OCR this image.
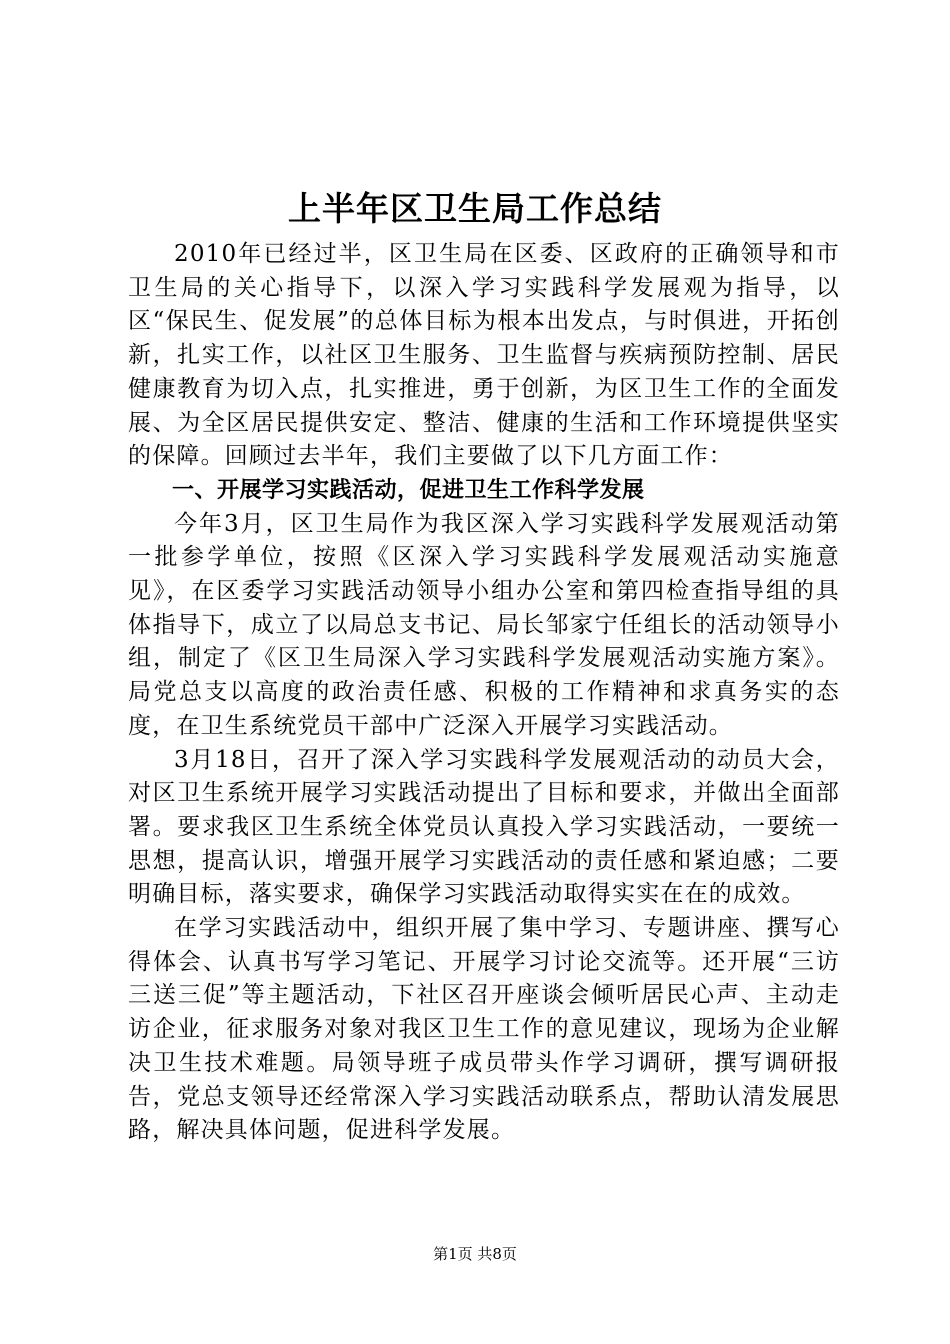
上半年区卫生局工作总结

2010年已经过半，区卫生局在区委、区政府的正确领导和市卫生局的关心指导下，以深入学习实践科学发展观为指导，以区“保民生、促发展”的总体目标为根本出发点，与时俱进，开拓创新，扎实工作，以社区卫生服务、卫生监督与疾病预防控制、居民健康教育为切入点，扎实推进，勇于创新，为区卫生工作的全面发展、为全区居民提供安定、整洁、健康的生活和工作环境提供坚实的保障。回顾过去半年，我们主要做了以下几方面工作：

一、开展学习实践活动，促进卫生工作科学发展

今年3月，区卫生局作为我区深入学习实践科学发展观活动第一批参学单位，按照《区深入学习实践科学发展观活动实施意见》，在区委学习实践活动领导小组办公室和第四检查指导组的具体指导下，成立了以局总支书记、局长邹家宁任组长的活动领导小组，制定了《区卫生局深入学习实践科学发展观活动实施方案》。局党总支以高度的政治责任感、积极的工作精神和求真务实的态度，在卫生系统党员干部中广泛深入开展学习实践活动。

3月18日，召开了深入学习实践科学发展观活动的动员大会，对区卫生系统开展学习实践活动提出了目标和要求，并做出全面部署。要求我区卫生系统全体党员认真投入学习实践活动，一要统一思想，提高认识，增强开展学习实践活动的责任感和紧迫感；二要明确目标，落实要求，确保学习实践活动取得实实在在的成效。

在学习实践活动中，组织开展了集中学习、专题讲座、撰写心得体会、认真书写学习笔记、开展学习讨论交流等。还开展“三访三送三促”等主题活动，下社区召开座谈会倾听居民心声、主动走访企业，征求服务对象对我区卫生工作的意见建议，现场为企业解决卫生技术难题。局领导班子成员带头作学习调研，撰写调研报告，党总支领导还经常深入学习实践活动联系点，帮助认清发展思路，解决具体问题，促进科学发展。

第1页 共8页
